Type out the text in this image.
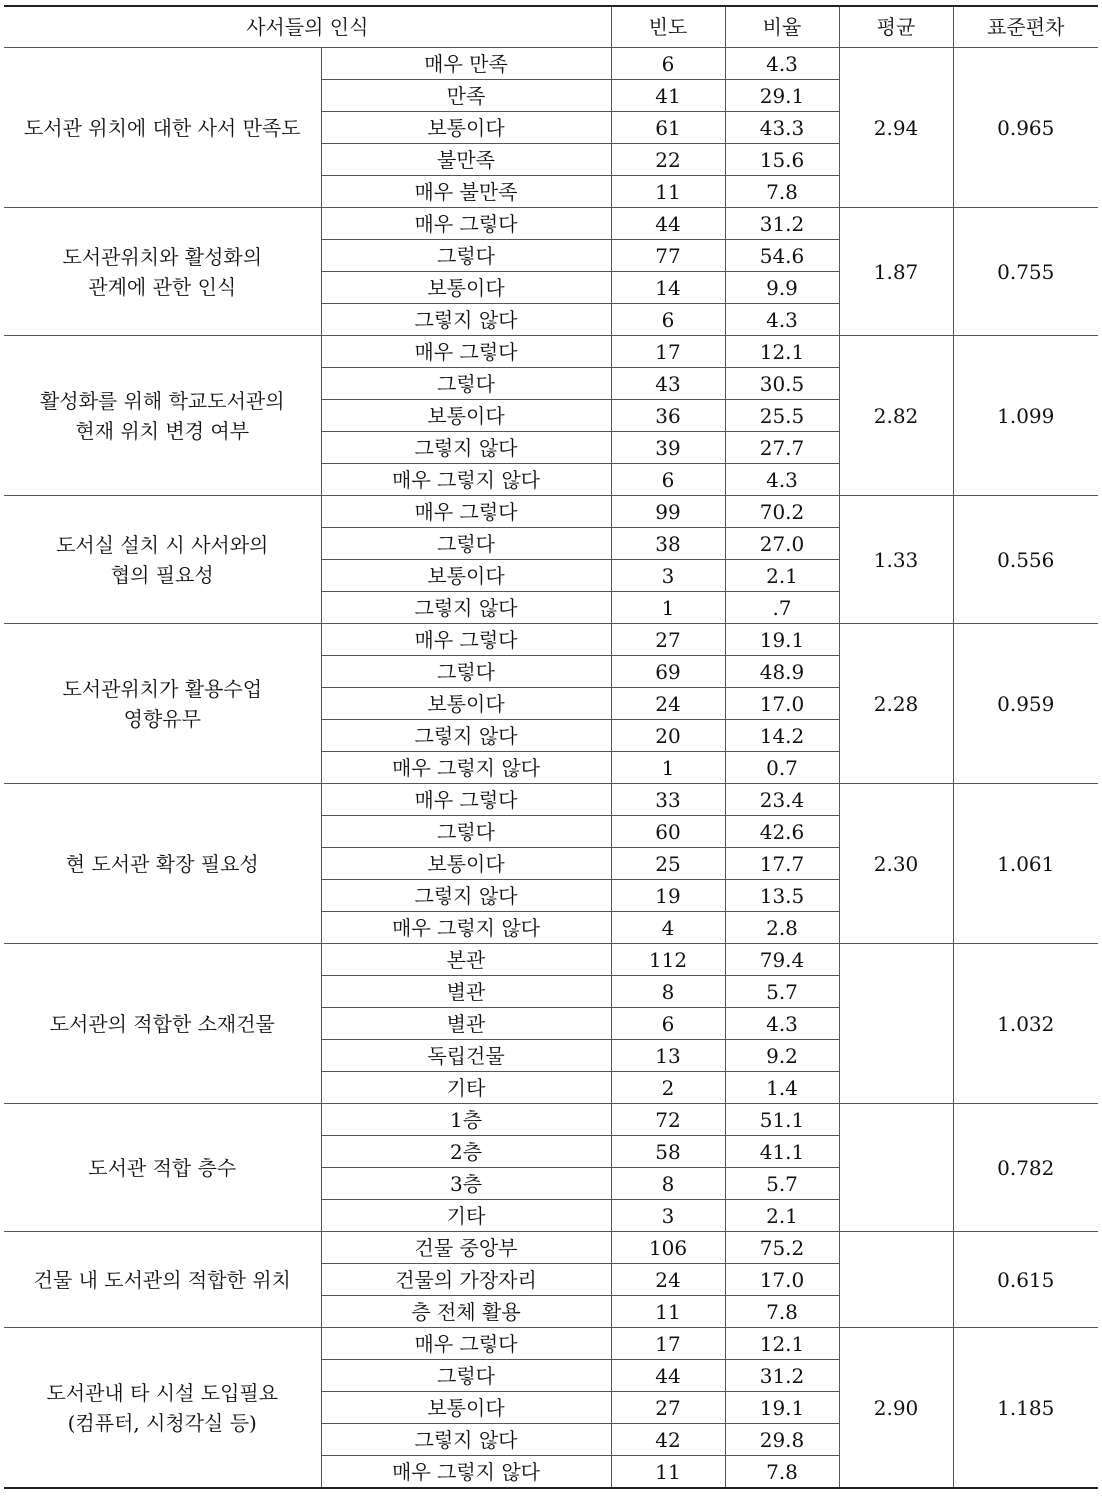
사서들의 인식		빈도	비율	평균	표준편차
도서관 위치에 대한 사서 만족도	매우 만족	6	4.3	2.94	0.965
	만족	41	29.1		
	보통이다	61	43.3		
	불만족	22	15.6		
	매우 불만족	11	7.8		
도서관위치와 활성화의
관계에 관한 인식	매우 그렇다	44	31.2	1.87	0.755
	그렇다	77	54.6		
	보통이다	14	9.9		
	그렇지 않다	6	4.3		
활성화를 위해 학교도서관의
현재 위치 변경 여부	매우 그렇다	17	12.1	2.82	1.099
	그렇다	43	30.5		
	보통이다	36	25.5		
	그렇지 않다	39	27.7		
	매우 그렇지 않다	6	4.3		
도서실 설치 시 사서와의
협의 필요성	매우 그렇다	99	70.2	1.33	0.556
	그렇다	38	27.0		
	보통이다	3	2.1		
	그렇지 않다	1	.7		
도서관위치가 활용수업
영향유무	매우 그렇다	27	19.1	2.28	0.959
	그렇다	69	48.9		
	보통이다	24	17.0		
	그렇지 않다	20	14.2		
	매우 그렇지 않다	1	0.7		
현 도서관 확장 필요성	매우 그렇다	33	23.4	2.30	1.061
	그렇다	60	42.6		
	보통이다	25	17.7		
	그렇지 않다	19	13.5		
	매우 그렇지 않다	4	2.8		
도서관의 적합한 소재건물	본관	112	79.4		1.032
	별관	8	5.7		
	별관	6	4.3		
	독립건물	13	9.2		
	기타	2	1.4		
도서관 적합 층수	1층	72	51.1		0.782
	2층	58	41.1		
	3층	8	5.7		
	기타	3	2.1		
건물 내 도서관의 적합한 위치	건물 중앙부	106	75.2		0.615
	건물의 가장자리	24	17.0		
	층 전체 활용	11	7.8		
도서관내 타 시설 도입필요
(컴퓨터, 시청각실 등)	매우 그렇다	17	12.1	2.90	1.185
	그렇다	44	31.2		
	보통이다	27	19.1		
	그렇지 않다	42	29.8		
	매우 그렇지 않다	11	7.8		
